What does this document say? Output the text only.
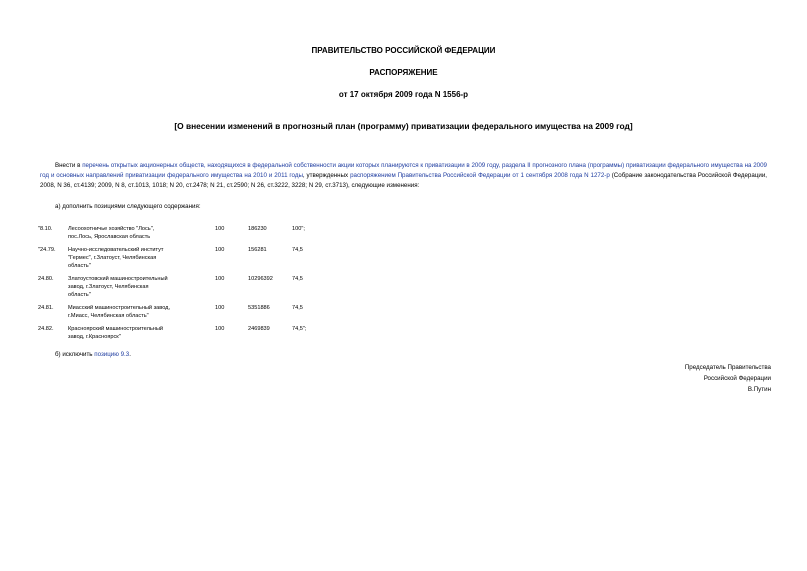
ПРАВИТЕЛЬСТВО РОССИЙСКОЙ ФЕДЕРАЦИИ
РАСПОРЯЖЕНИЕ
от 17 октября 2009 года N 1556-р
[О внесении изменений в прогнозный план (программу) приватизации федерального имущества на 2009 год]
Внести в перечень открытых акционерных обществ, находящихся в федеральной собственности акции которых планируются к приватизации в 2009 году, раздела II прогнозного плана (программы) приватизации федерального имущества на 2009 год и основных направлений приватизации федерального имущества на 2010 и 2011 годы, утвержденных распоряжением Правительства Российской Федерации от 1 сентября 2008 года N 1272-р (Собрание законодательства Российской Федерации, 2008, N 36, ст.4139; 2009, N 8, ст.1013, 1018; N 20, ст.2478; N 21, ст.2590; N 26, ст.3222, 3228; N 29, ст.3713), следующие изменения:
а) дополнить позициями следующего содержания:
"8.10.	Лесоохотничье хозяйство "Лось",
пос.Лось, Ярославская область	100	186230	100";

"24.79.	Научно-исследовательский институт
"Гермес", г.Златоуст, Челябинская
область"	100	156281	74,5

24.80.	Златоустовский машиностроительный
завод, г.Златоуст, Челябинская
область"	100	10296392	74,5

24.81.	Миасский машиностроительный завод,
г.Миасс, Челябинская область"	100	5351886	74,5

24.82.	Красноярский машиностроительный
завод, г.Красноярск"	100	2469839	74,5";
б) исключить позицию 9.3.
Председатель Правительства
Российской Федерации
В.Путин
